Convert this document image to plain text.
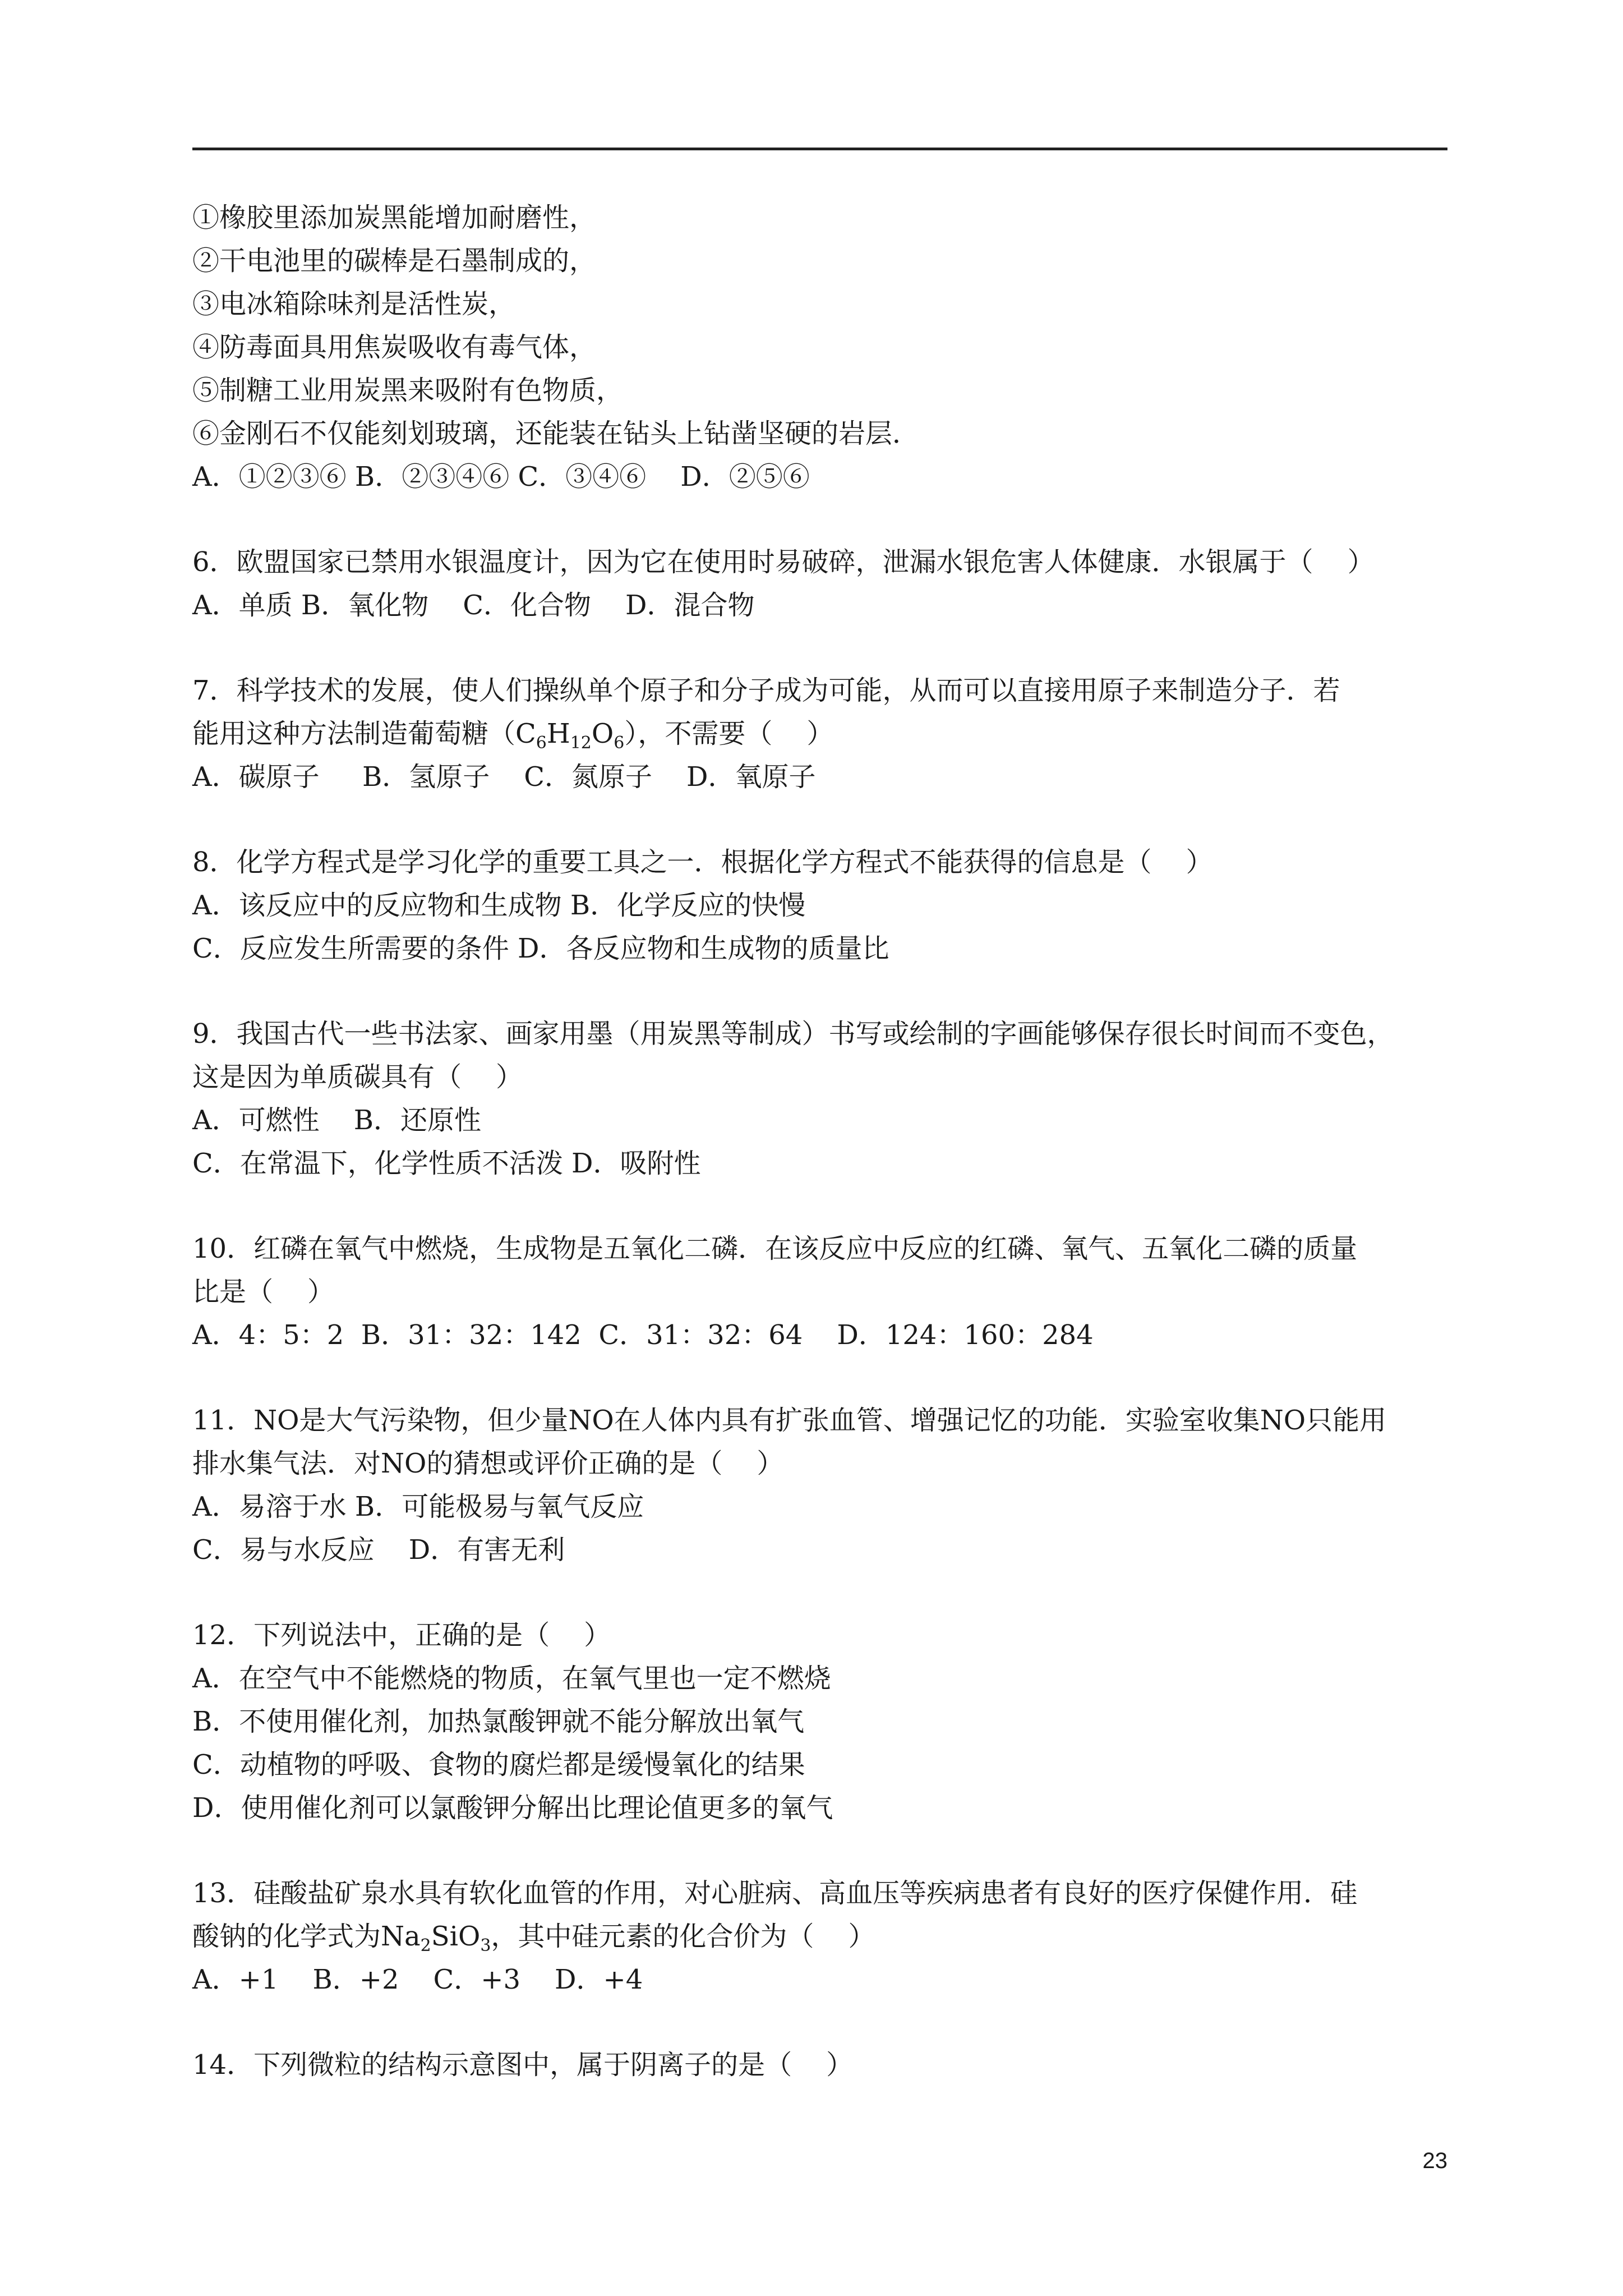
①橡胶里添加炭黑能增加耐磨性，
②干电池里的碳棒是石墨制成的，
③电冰箱除味剂是活性炭，
④防毒面具用焦炭吸收有毒气体，
⑤制糖工业用炭黑来吸附有色物质，
⑥金刚石不仅能刻划玻璃，还能装在钻头上钻凿坚硬的岩层．
A．①②③⑥ B．②③④⑥ C．③④⑥    D．②⑤⑥
6．欧盟国家已禁用水银温度计，因为它在使用时易破碎，泄漏水银危害人体健康．水银属于（    ）
A．单质 B．氧化物    C．化合物    D．混合物
7．科学技术的发展，使人们操纵单个原子和分子成为可能，从而可以直接用原子来制造分子．若
能用这种方法制造葡萄糖$(C_6H_{12}O_6)$，不需要（    ）
A．碳原子     B．氢原子    C．氮原子    D．氧原子
8．化学方程式是学习化学的重要工具之一．根据化学方程式不能获得的信息是（    ）
A．该反应中的反应物和生成物 B．化学反应的快慢
C．反应发生所需要的条件 D．各反应物和生成物的质量比
9．我国古代一些书法家、画家用墨（用炭黑等制成）书写或绘制的字画能够保存很长时间而不变色，
这是因为单质碳具有（    ）
A．可燃性    B．还原性
C．在常温下，化学性质不活泼 D．吸附性
10．红磷在氧气中燃烧，生成物是五氧化二磷．在该反应中反应的红磷、氧气、五氧化二磷的质量
比是（    ）
A．4：5：2  B．31：32：142  C．31：32：64    D．124：160：284
11．NO是大气污染物，但少量NO在人体内具有扩张血管、增强记忆的功能．实验室收集NO只能用
排水集气法．对NO的猜想或评价正确的是（    ）
A．易溶于水 B．可能极易与氧气反应
C．易与水反应    D．有害无利
12．下列说法中，正确的是（    ）
A．在空气中不能燃烧的物质，在氧气里也一定不燃烧
B．不使用催化剂，加热氯酸钾就不能分解放出氧气
C．动植物的呼吸、食物的腐烂都是缓慢氧化的结果
D．使用催化剂可以氯酸钾分解出比理论值更多的氧气
13．硅酸盐矿泉水具有软化血管的作用，对心脏病、高血压等疾病患者有良好的医疗保健作用．硅
酸钠的化学式为$Na_2SiO_3$，其中硅元素的化合价为（    ）
A．+1    B．+2    C．+3    D．+4
14．下列微粒的结构示意图中，属于阴离子的是（    ）
23
